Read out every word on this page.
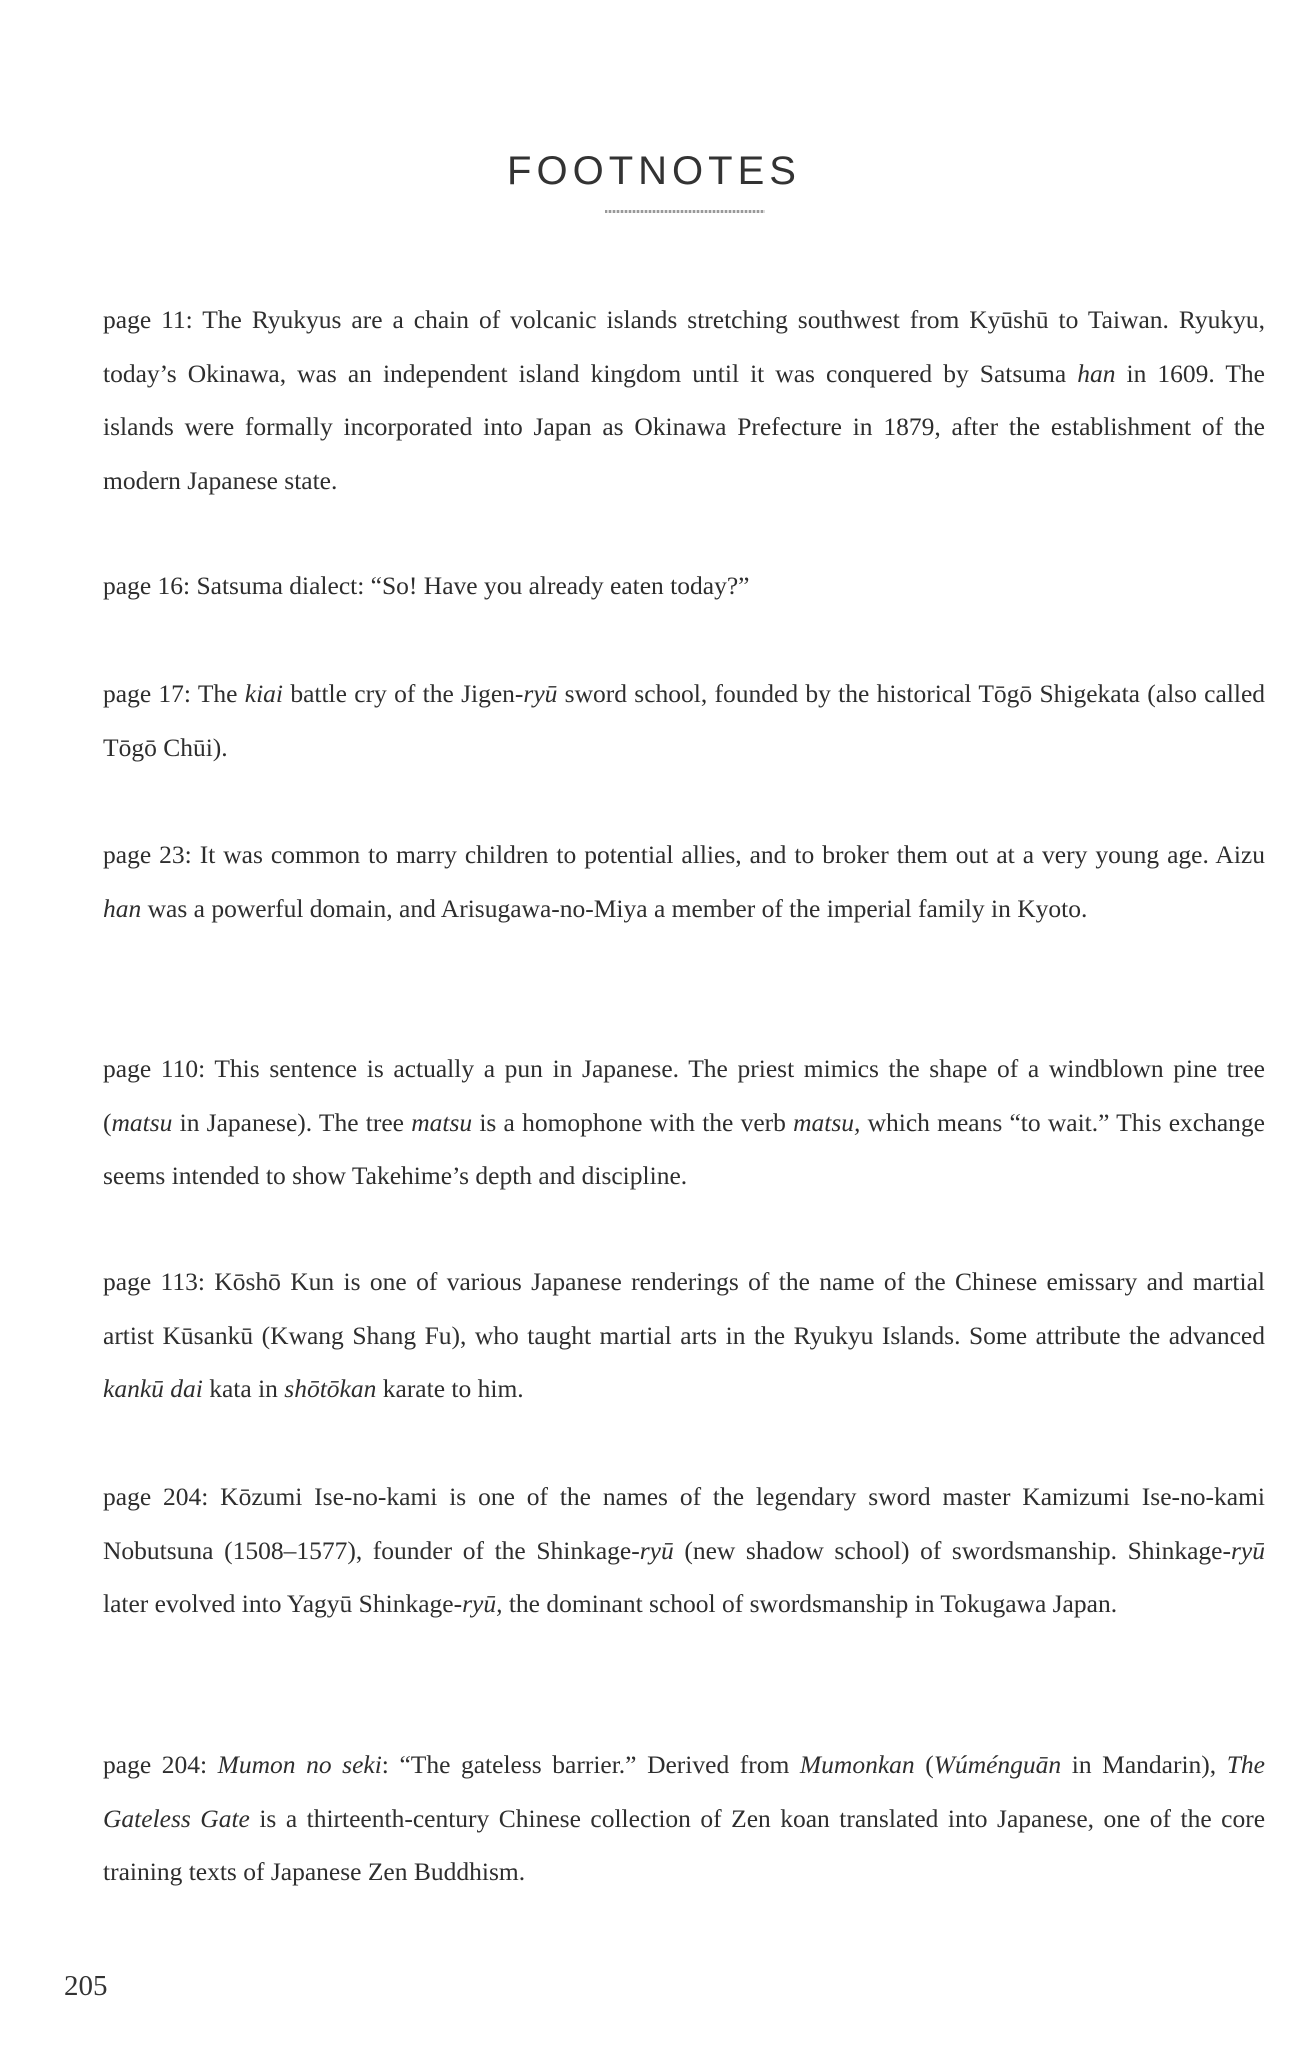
FOOTNOTES

page 11: The Ryukyus are a chain of volcanic islands stretching southwest from Kyūshū to Taiwan. Ryukyu, today’s Okinawa, was an independent island kingdom until it was conquered by Satsuma han in 1609. The islands were formally incorporated into Japan as Okinawa Prefecture in 1879, after the establishment of the modern Japanese state.

page 16: Satsuma dialect: “So! Have you already eaten today?”

page 17: The kiai battle cry of the Jigen-ryū sword school, founded by the historical Tōgō Shigekata (also called Tōgō Chūi).

page 23: It was common to marry children to potential allies, and to broker them out at a very young age. Aizu han was a powerful domain, and Arisugawa-no-Miya a member of the imperial family in Kyoto.

page 110: This sentence is actually a pun in Japanese. The priest mimics the shape of a windblown pine tree (matsu in Japanese). The tree matsu is a homophone with the verb matsu, which means “to wait.” This exchange seems intended to show Takehime’s depth and discipline.

page 113: Kōshō Kun is one of various Japanese renderings of the name of the Chinese emissary and martial artist Kūsankū (Kwang Shang Fu), who taught martial arts in the Ryukyu Islands. Some attribute the advanced kankū dai kata in shōtōkan karate to him.

page 204: Kōzumi Ise-no-kami is one of the names of the legendary sword master Kamizumi Ise-no-kami Nobutsuna (1508–1577), founder of the Shinkage-ryū (new shadow school) of swordsmanship. Shinkage-ryū later evolved into Yagyū Shinkage-ryū, the dominant school of swordsmanship in Tokugawa Japan.

page 204: Mumon no seki: “The gateless barrier.” Derived from Mumonkan (Wúménguān in Mandarin), The Gateless Gate is a thirteenth-century Chinese collection of Zen koan translated into Japanese, one of the core training texts of Japanese Zen Buddhism.

205
